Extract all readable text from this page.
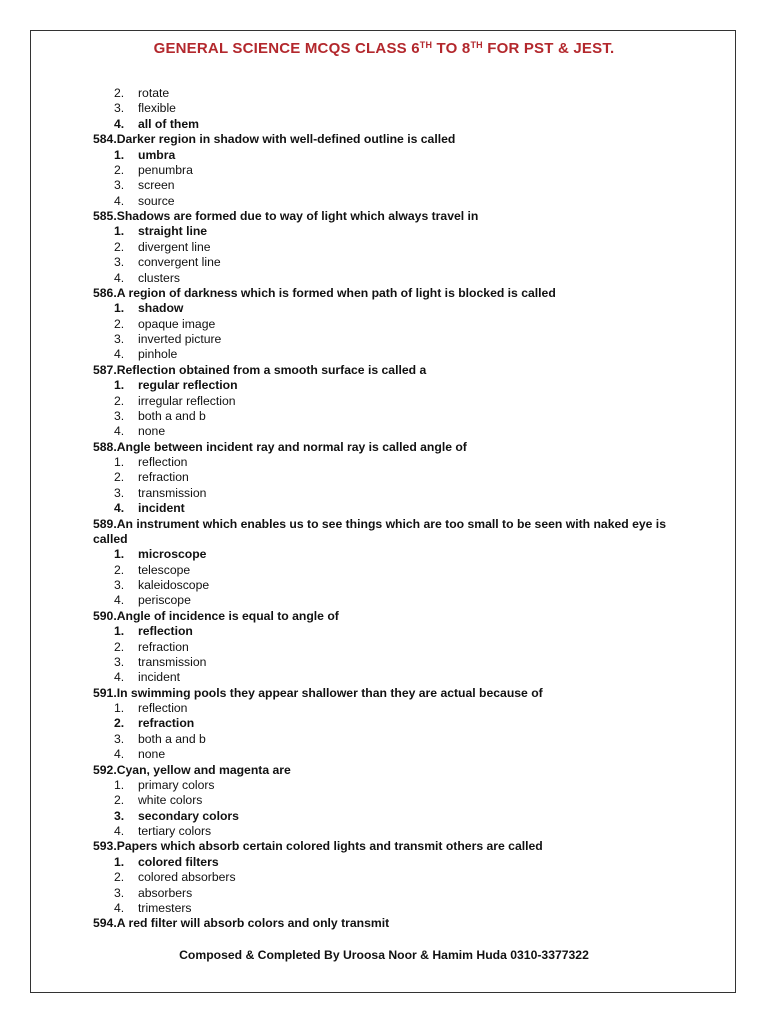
GENERAL SCIENCE MCQS CLASS 6TH TO 8TH FOR PST & JEST.
2. rotate
3. flexible
4. all of them
584.Darker region in shadow with well-defined outline is called
1. umbra
2. penumbra
3. screen
4. source
585.Shadows are formed due to way of light which always travel in
1. straight line
2. divergent line
3. convergent line
4. clusters
586.A region of darkness which is formed when path of light is blocked is called
1. shadow
2. opaque image
3. inverted picture
4. pinhole
587.Reflection obtained from a smooth surface is called a
1. regular reflection
2. irregular reflection
3. both a and b
4. none
588.Angle between incident ray and normal ray is called angle of
1. reflection
2. refraction
3. transmission
4. incident
589.An instrument which enables us to see things which are too small to be seen with naked eye is called
1. microscope
2. telescope
3. kaleidoscope
4. periscope
590.Angle of incidence is equal to angle of
1. reflection
2. refraction
3. transmission
4. incident
591.In swimming pools they appear shallower than they are actual because of
1. reflection
2. refraction
3. both a and b
4. none
592.Cyan, yellow and magenta are
1. primary colors
2. white colors
3. secondary colors
4. tertiary colors
593.Papers which absorb certain colored lights and transmit others are called
1. colored filters
2. colored absorbers
3. absorbers
4. trimesters
594.A red filter will absorb colors and only transmit
Composed & Completed By Uroosa Noor & Hamim Huda 0310-3377322
